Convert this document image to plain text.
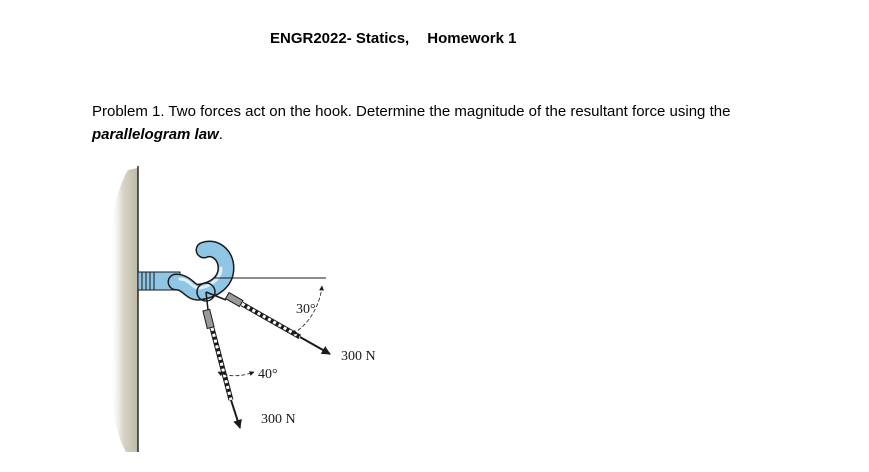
ENGR2022- Statics, Homework 1
Problem 1. Two forces act on the hook. Determine the magnitude of the resultant force using the parallelogram law.
30°
40°
300 N
300 N
